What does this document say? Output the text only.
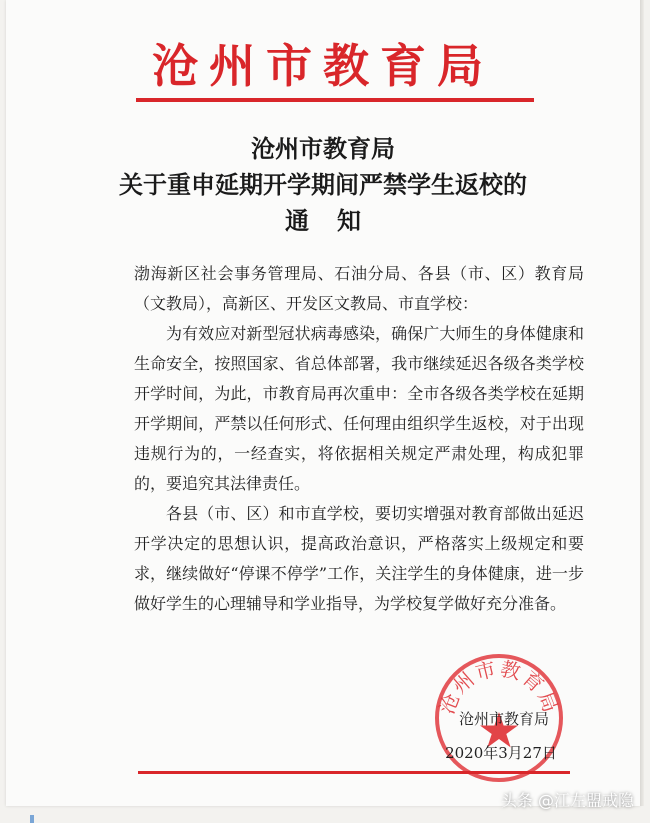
沧州市教育局
沧州市教育局
关于重申延期开学期间严禁学生返校的
通知

渤海新区社会事务管理局、石油分局、各县（市、区）教育局（文教局），高新区、开发区文教局、市直学校：

为有效应对新型冠状病毒感染，确保广大师生的身体健康和生命安全，按照国家、省总体部署，我市继续延迟各级各类学校开学时间，为此，市教育局再次重申：全市各级各类学校在延期开学期间，严禁以任何形式、任何理由组织学生返校，对于出现违规行为的，一经查实，将依据相关规定严肃处理，构成犯罪的，要追究其法律责任。

各县（市、区）和市直学校，要切实增强对教育部做出延迟开学决定的思想认识，提高政治意识，严格落实上级规定和要求，继续做好“停课不停学”工作，关注学生的身体健康，进一步做好学生的心理辅导和学业指导，为学校复学做好充分准备。

沧州市教育局
沧州市教育局
2020年3月27日
头条 @江左盟戒隐
